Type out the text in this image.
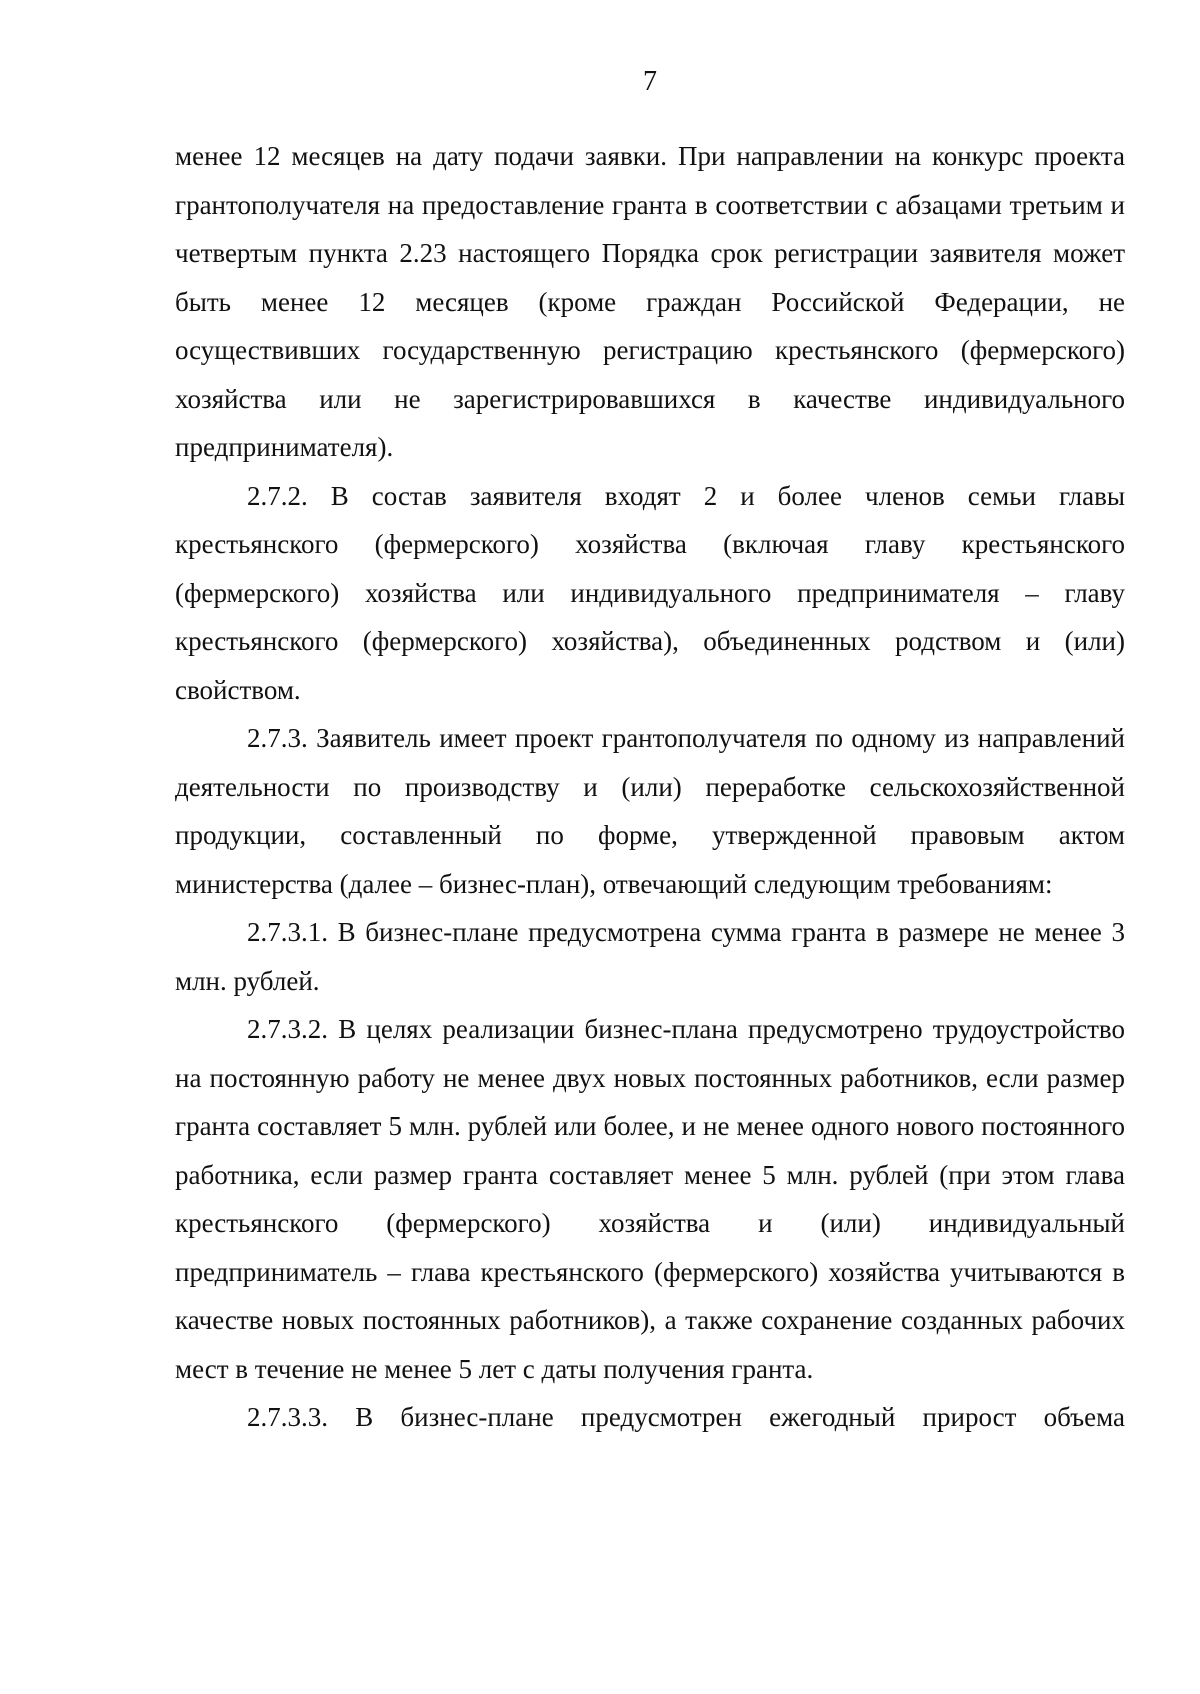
7

менее 12 месяцев на дату подачи заявки. При направлении на конкурс проекта грантополучателя на предоставление гранта в соответствии с абзацами третьим и четвертым пункта 2.23 настоящего Порядка срок регистрации заявителя может быть менее 12 месяцев (кроме граждан Российской Федерации, не осуществивших государственную регистрацию крестьянского (фермерского) хозяйства или не зарегистрировавшихся в качестве индивидуального предпринимателя).

2.7.2. В состав заявителя входят 2 и более членов семьи главы крестьянского (фермерского) хозяйства (включая главу крестьянского (фермерского) хозяйства или индивидуального предпринимателя – главу крестьянского (фермерского) хозяйства), объединенных родством и (или) свойством.

2.7.3. Заявитель имеет проект грантополучателя по одному из направлений деятельности по производству и (или) переработке сельскохозяйственной продукции, составленный по форме, утвержденной правовым актом министерства (далее – бизнес-план), отвечающий следующим требованиям:

2.7.3.1. В бизнес-плане предусмотрена сумма гранта в размере не менее 3 млн. рублей.

2.7.3.2. В целях реализации бизнес-плана предусмотрено трудоустройство на постоянную работу не менее двух новых постоянных работников, если размер гранта составляет 5 млн. рублей или более, и не менее одного нового постоянного работника, если размер гранта составляет менее 5 млн. рублей (при этом глава крестьянского (фермерского) хозяйства и (или) индивидуальный предприниматель – глава крестьянского (фермерского) хозяйства учитываются в качестве новых постоянных работников), а также сохранение созданных рабочих мест в течение не менее 5 лет с даты получения гранта.

2.7.3.3. В бизнес-плане предусмотрен ежегодный прирост объема
